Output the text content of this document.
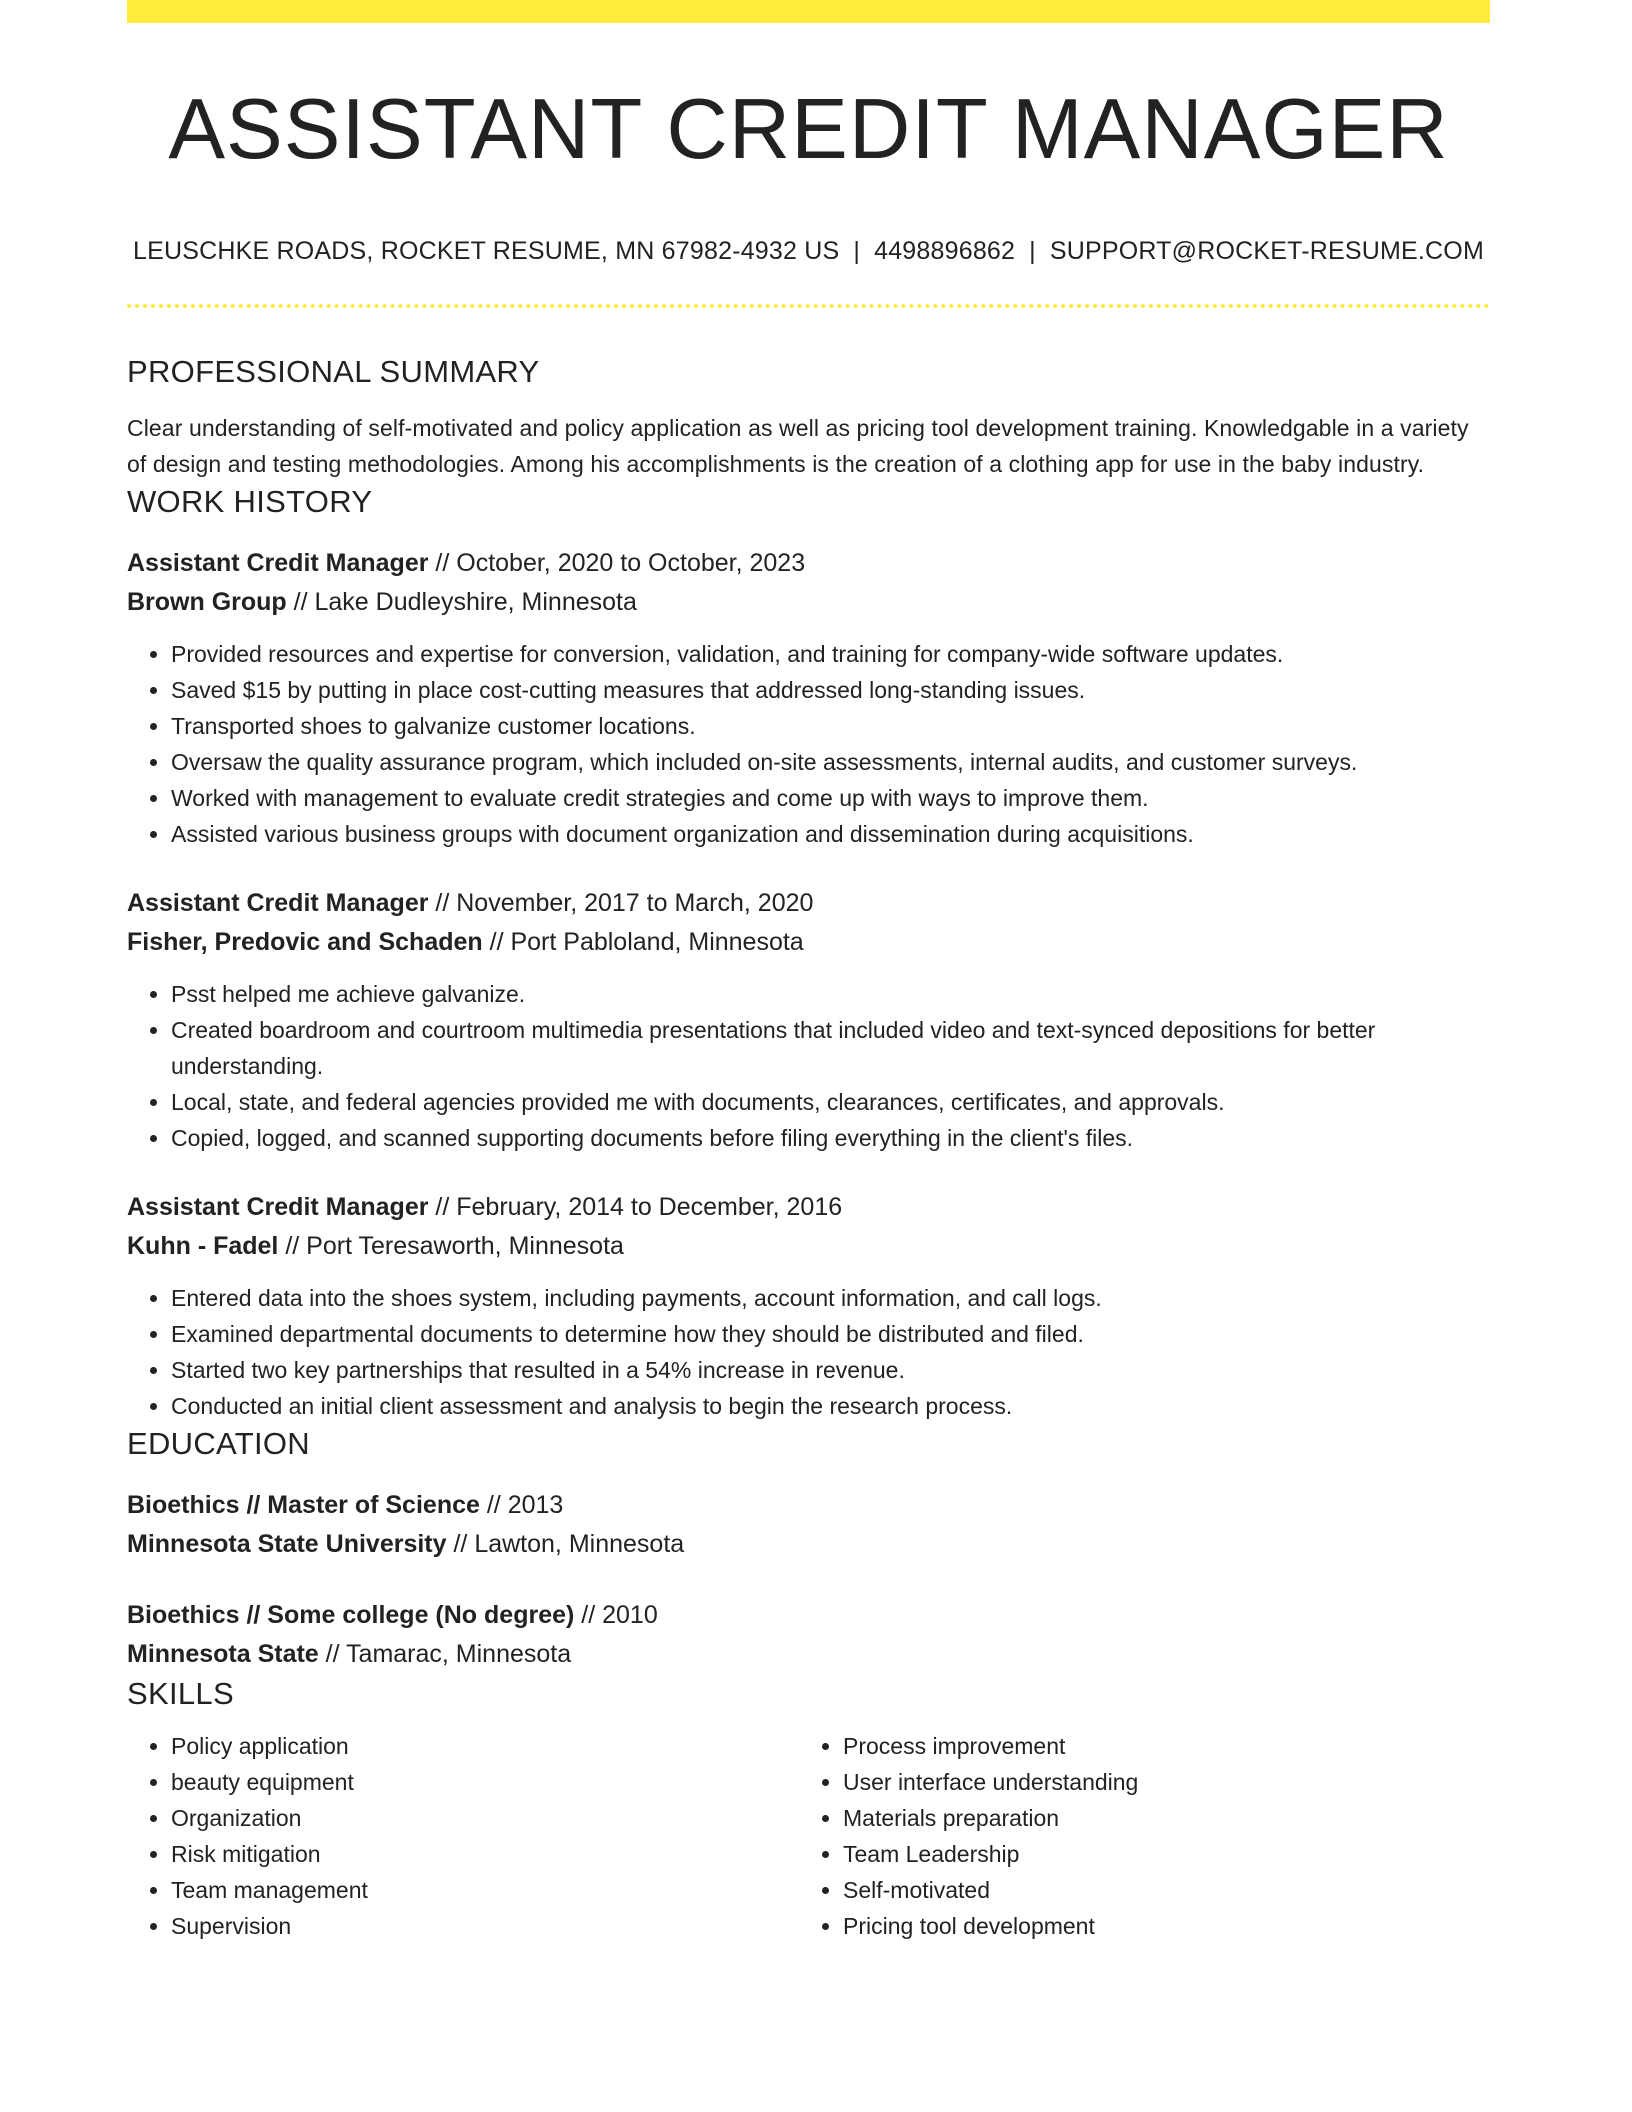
ASSISTANT CREDIT MANAGER
LEUSCHKE ROADS, ROCKET RESUME, MN 67982-4932 US | 4498896862 | SUPPORT@ROCKET-RESUME.COM
PROFESSIONAL SUMMARY

Clear understanding of self-motivated and policy application as well as pricing tool development training. Knowledgable in a variety of design and testing methodologies. Among his accomplishments is the creation of a clothing app for use in the baby industry.

WORK HISTORY
Assistant Credit Manager // October, 2020 to October, 2023
Brown Group // Lake Dudleyshire, Minnesota
• Provided resources and expertise for conversion, validation, and training for company-wide software updates.
• Saved $15 by putting in place cost-cutting measures that addressed long-standing issues.
• Transported shoes to galvanize customer locations.
• Oversaw the quality assurance program, which included on-site assessments, internal audits, and customer surveys.
• Worked with management to evaluate credit strategies and come up with ways to improve them.
• Assisted various business groups with document organization and dissemination during acquisitions.
Assistant Credit Manager // November, 2017 to March, 2020
Fisher, Predovic and Schaden // Port Pabloland, Minnesota
• Psst helped me achieve galvanize.
• Created boardroom and courtroom multimedia presentations that included video and text-synced depositions for better understanding.
• Local, state, and federal agencies provided me with documents, clearances, certificates, and approvals.
• Copied, logged, and scanned supporting documents before filing everything in the client's files.
Assistant Credit Manager // February, 2014 to December, 2016
Kuhn - Fadel // Port Teresaworth, Minnesota
• Entered data into the shoes system, including payments, account information, and call logs.
• Examined departmental documents to determine how they should be distributed and filed.
• Started two key partnerships that resulted in a 54% increase in revenue.
• Conducted an initial client assessment and analysis to begin the research process.
EDUCATION
Bioethics // Master of Science // 2013
Minnesota State University // Lawton, Minnesota
Bioethics // Some college (No degree) // 2010
Minnesota State // Tamarac, Minnesota
SKILLS
• Policy application
• beauty equipment
• Organization
• Risk mitigation
• Team management
• Supervision
• Process improvement
• User interface understanding
• Materials preparation
• Team Leadership
• Self-motivated
• Pricing tool development
